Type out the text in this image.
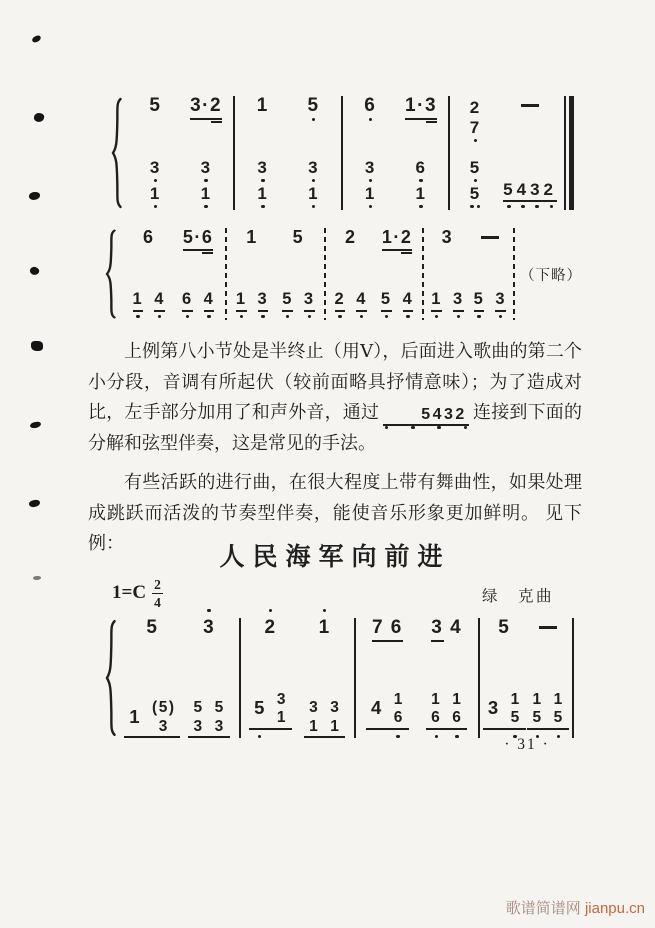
5
3
1
3·2
3
1
1
3
1
5
3
1
6
3
1
1·3
6
1
2
7
5
5 5432
6
1 4
5·6
6 4
1
1 3
5
5 3
2
2 4
1·2
5 4
3
1 3 5 3
（下略）
5
1 (5)
3
3
5
3
5
3
2
5 3
1
1
3
1
3
1
7 6
4 1
6
3 4
1
6
1
6
5
3 1
5
1
5
1
5

上例第八小节处是半终止（用Ⅴ），后面进入歌曲的第二个小分段，音调有所起伏（较前面略具抒情意味）；为了造成对比，左手部分加用了和声外音，通过	5432 连接到下面的分解和弦型伴奏，这是常见的手法。

有些活跃的进行曲，在很大程度上带有舞曲性，如果处理成跳跃而活泼的节奏型伴奏，能使音乐形象更加鲜明。 见下例：

人民海军向前进
$1=C \frac{2}{4}$	绿　克曲
· 31 ·
歌谱简谱网 jianpu.cn
